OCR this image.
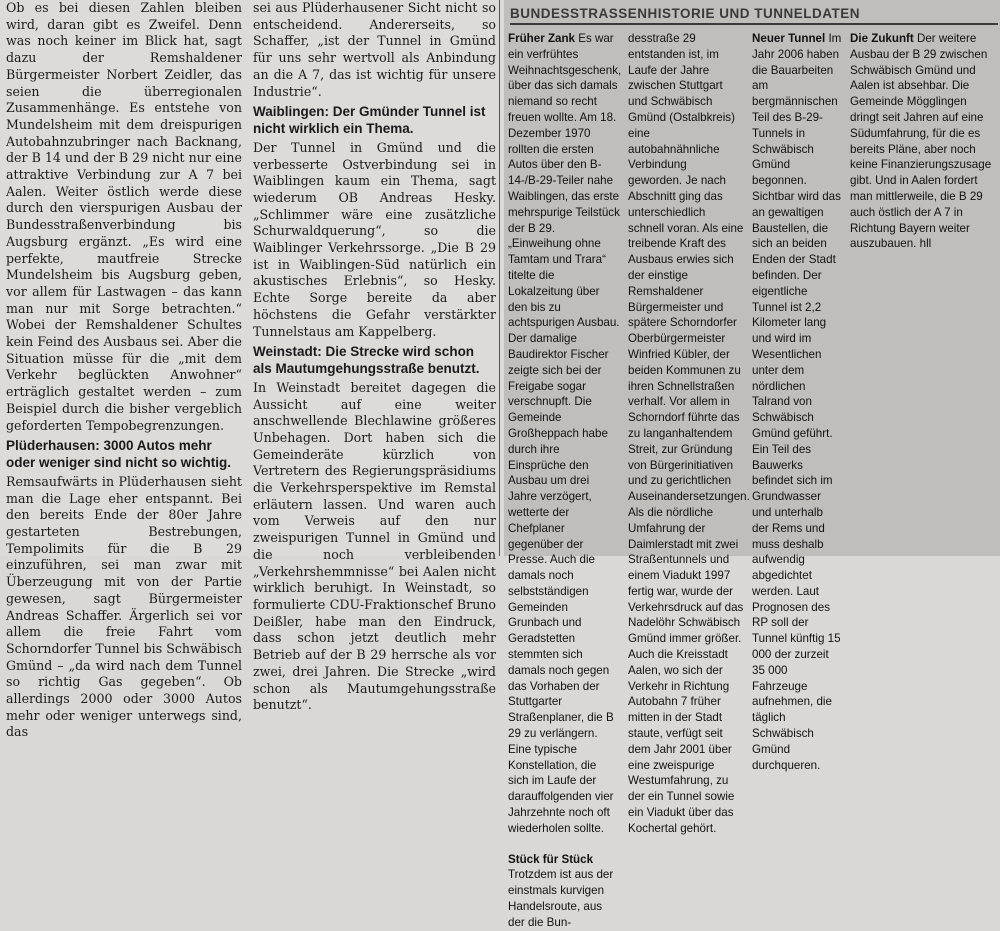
Ob es bei diesen Zahlen bleiben wird, daran gibt es Zweifel. Denn was noch keiner im Blick hat, sagt dazu der Remshaldener Bürgermeister Norbert Zeidler, das seien die überregionalen Zusammenhänge. Es entstehe von Mundelsheim mit dem dreispurigen Autobahnzubringer nach Backnang, der B 14 und der B 29 nicht nur eine attraktive Verbindung zur A 7 bei Aalen. Weiter östlich werde diese durch den vierspurigen Ausbau der Bundesstraßenverbindung bis Augsburg ergänzt. „Es wird eine perfekte, mautfreie Strecke Mundelsheim bis Augsburg geben, vor allem für Lastwagen – das kann man nur mit Sorge betrachten.“ Wobei der Remshaldener Schultes kein Feind des Ausbaus sei. Aber die Situation müsse für die „mit dem Verkehr beglückten Anwohner“ erträglich gestaltet werden – zum Beispiel durch die bisher vergeblich geforderten Tempobegrenzungen.

Plüderhausen: 3000 Autos mehr oder weniger sind nicht so wichtig.

Remsaufwärts in Plüderhausen sieht man die Lage eher entspannt. Bei den bereits Ende der 80er Jahre gestarteten Bestrebungen, Tempolimits für die B 29 einzuführen, sei man zwar mit Überzeugung mit von der Partie gewesen, sagt Bürgermeister Andreas Schaffer. Ärgerlich sei vor allem die freie Fahrt vom Schorndorfer Tunnel bis Schwäbisch Gmünd – „da wird nach dem Tunnel so richtig Gas gegeben“. Ob allerdings 2000 oder 3000 Autos mehr oder weniger unterwegs sind, das

sei aus Plüderhausener Sicht nicht so entscheidend. Andererseits, so Schaffer, „ist der Tunnel in Gmünd für uns sehr wertvoll als Anbindung an die A 7, das ist wichtig für unsere Industrie“.

Waiblingen: Der Gmünder Tunnel ist nicht wirklich ein Thema.

Der Tunnel in Gmünd und die verbesserte Ostverbindung sei in Waiblingen kaum ein Thema, sagt wiederum OB Andreas Hesky. „Schlimmer wäre eine zusätzliche Schurwaldquerung“, so die Waiblinger Verkehrssorge. „Die B 29 ist in Waiblingen-Süd natürlich ein akustisches Erlebnis“, so Hesky. Echte Sorge bereite da aber höchstens die Gefahr verstärkter Tunnelstaus am Kappelberg.

Weinstadt: Die Strecke wird schon als Mautumgehungsstraße benutzt.

In Weinstadt bereitet dagegen die Aussicht auf eine weiter anschwellende Blechlawine größeres Unbehagen. Dort haben sich die Gemeinderäte kürzlich von Vertretern des Regierungspräsidiums die Verkehrsperspektive im Remstal erläutern lassen. Und waren auch vom Verweis auf den nur zweispurigen Tunnel in Gmünd und die noch verbleibenden „Verkehrshemmnisse“ bei Aalen nicht wirklich beruhigt. In Weinstadt, so formulierte CDU-Fraktionschef Bruno Deißler, habe man den Eindruck, dass schon jetzt deutlich mehr Betrieb auf der B 29 herrsche als vor zwei, drei Jahren. Die Strecke „wird schon als Mautumgehungsstraße benutzt“.

BUNDESSTRASSENHISTORIE UND TUNNELDATEN

Früher Zank Es war ein verfrühtes Weihnachtsgeschenk, über das sich damals niemand so recht freuen wollte. Am 18. Dezember 1970 rollten die ersten Autos über den B-14-/B-29-Teiler nahe Waiblingen, das erste mehrspurige Teilstück der B 29. „Einweihung ohne Tamtam und Trara“ titelte die Lokalzeitung über den bis zu achtspurigen Ausbau. Der damalige Baudirektor Fischer zeigte sich bei der Freigabe sogar verschnupft. Die Gemeinde Großheppach habe durch ihre Einsprüche den Ausbau um drei Jahre verzögert, wetterte der Chefplaner gegenüber der Presse. Auch die damals noch selbstständigen Gemeinden Grunbach und Geradstetten stemmten sich damals noch gegen das Vorhaben der Stuttgarter Straßenplaner, die B 29 zu verlängern. Eine typische Konstellation, die sich im Laufe der darauffolgenden vier Jahrzehnte noch oft wiederholen sollte.

Stück für Stück Trotzdem ist aus der einstmals kurvigen Handelsroute, aus der die Bun-

desstraße 29 entstanden ist, im Laufe der Jahre zwischen Stuttgart und Schwäbisch Gmünd (Ostalbkreis) eine autobahnähnliche Verbindung geworden. Je nach Abschnitt ging das unterschiedlich schnell voran. Als eine treibende Kraft des Ausbaus erwies sich der einstige Remshaldener Bürgermeister und spätere Schorndorfer Oberbürgermeister Winfried Kübler, der beiden Kommunen zu ihren Schnellstraßen verhalf. Vor allem in Schorndorf führte das zu langanhaltendem Streit, zur Gründung von Bürgerinitiativen und zu gerichtlichen Auseinandersetzungen. Als die nördliche Umfahrung der Daimlerstadt mit zwei Straßentunnels und einem Viadukt 1997 fertig war, wurde der Verkehrsdruck auf das Nadelöhr Schwäbisch Gmünd immer größer. Auch die Kreisstadt Aalen, wo sich der Verkehr in Richtung Autobahn 7 früher mitten in der Stadt staute, verfügt seit dem Jahr 2001 über eine zweispurige Westumfahrung, zu der ein Tunnel sowie ein Viadukt über das Kochertal gehört.

Neuer Tunnel Im Jahr 2006 haben die Bauarbeiten am bergmännischen Teil des B-29-Tunnels in Schwäbisch Gmünd begonnen. Sichtbar wird das an gewaltigen Baustellen, die sich an beiden Enden der Stadt befinden. Der eigentliche Tunnel ist 2,2 Kilometer lang und wird im Wesentlichen unter dem nördlichen Talrand von Schwäbisch Gmünd geführt. Ein Teil des Bauwerks befindet sich im Grundwasser und unterhalb der Rems und muss deshalb aufwendig abgedichtet werden. Laut Prognosen des RP soll der Tunnel künftig 15 000 der zurzeit 35 000 Fahrzeuge aufnehmen, die täglich Schwäbisch Gmünd durchqueren.

Die Zukunft Der weitere Ausbau der B 29 zwischen Schwäbisch Gmünd und Aalen ist absehbar. Die Gemeinde Mögglingen dringt seit Jahren auf eine Südumfahrung, für die es bereits Pläne, aber noch keine Finanzierungszusage gibt. Und in Aalen fordert man mittlerweile, die B 29 auch östlich der A 7 in Richtung Bayern weiter auszubauen. hll
